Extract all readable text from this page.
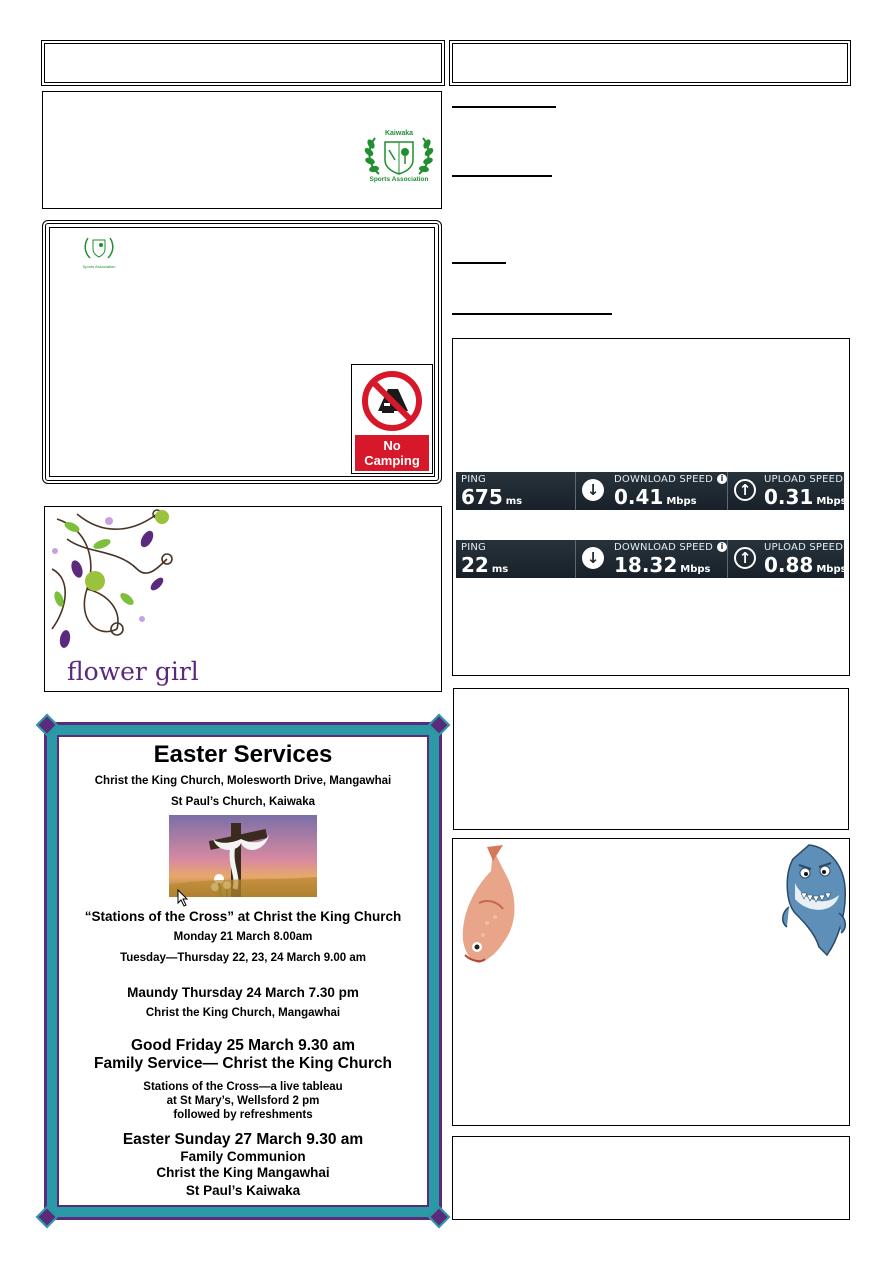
Kaiwaka
Sports Association
Sports Association
No
Camping
flower girl
Easter Services
Christ the King Church, Molesworth Drive, Mangawhai
St Paul’s Church, Kaiwaka
“Stations of the Cross” at Christ the King Church
Monday 21 March 8.00am
Tuesday—Thursday 22, 23, 24 March 9.00 am
Maundy Thursday 24 March 7.30 pm
Christ the King Church, Mangawhai
Good Friday 25 March 9.30 am
Family Service— Christ the King Church
Stations of the Cross—a live tableau
at St Mary’s, Wellsford 2 pm
followed by refreshments
Easter Sunday 27 March 9.30 am
Family Communion
Christ the King Mangawhai
St Paul’s Kaiwaka
PING
675 ms
↓
DOWNLOAD SPEED i
0.41 Mbps
↑
UPLOAD SPEED
0.31 Mbps
PING
22 ms
↓
DOWNLOAD SPEED i
18.32 Mbps
↑
UPLOAD SPEED
0.88 Mbps
